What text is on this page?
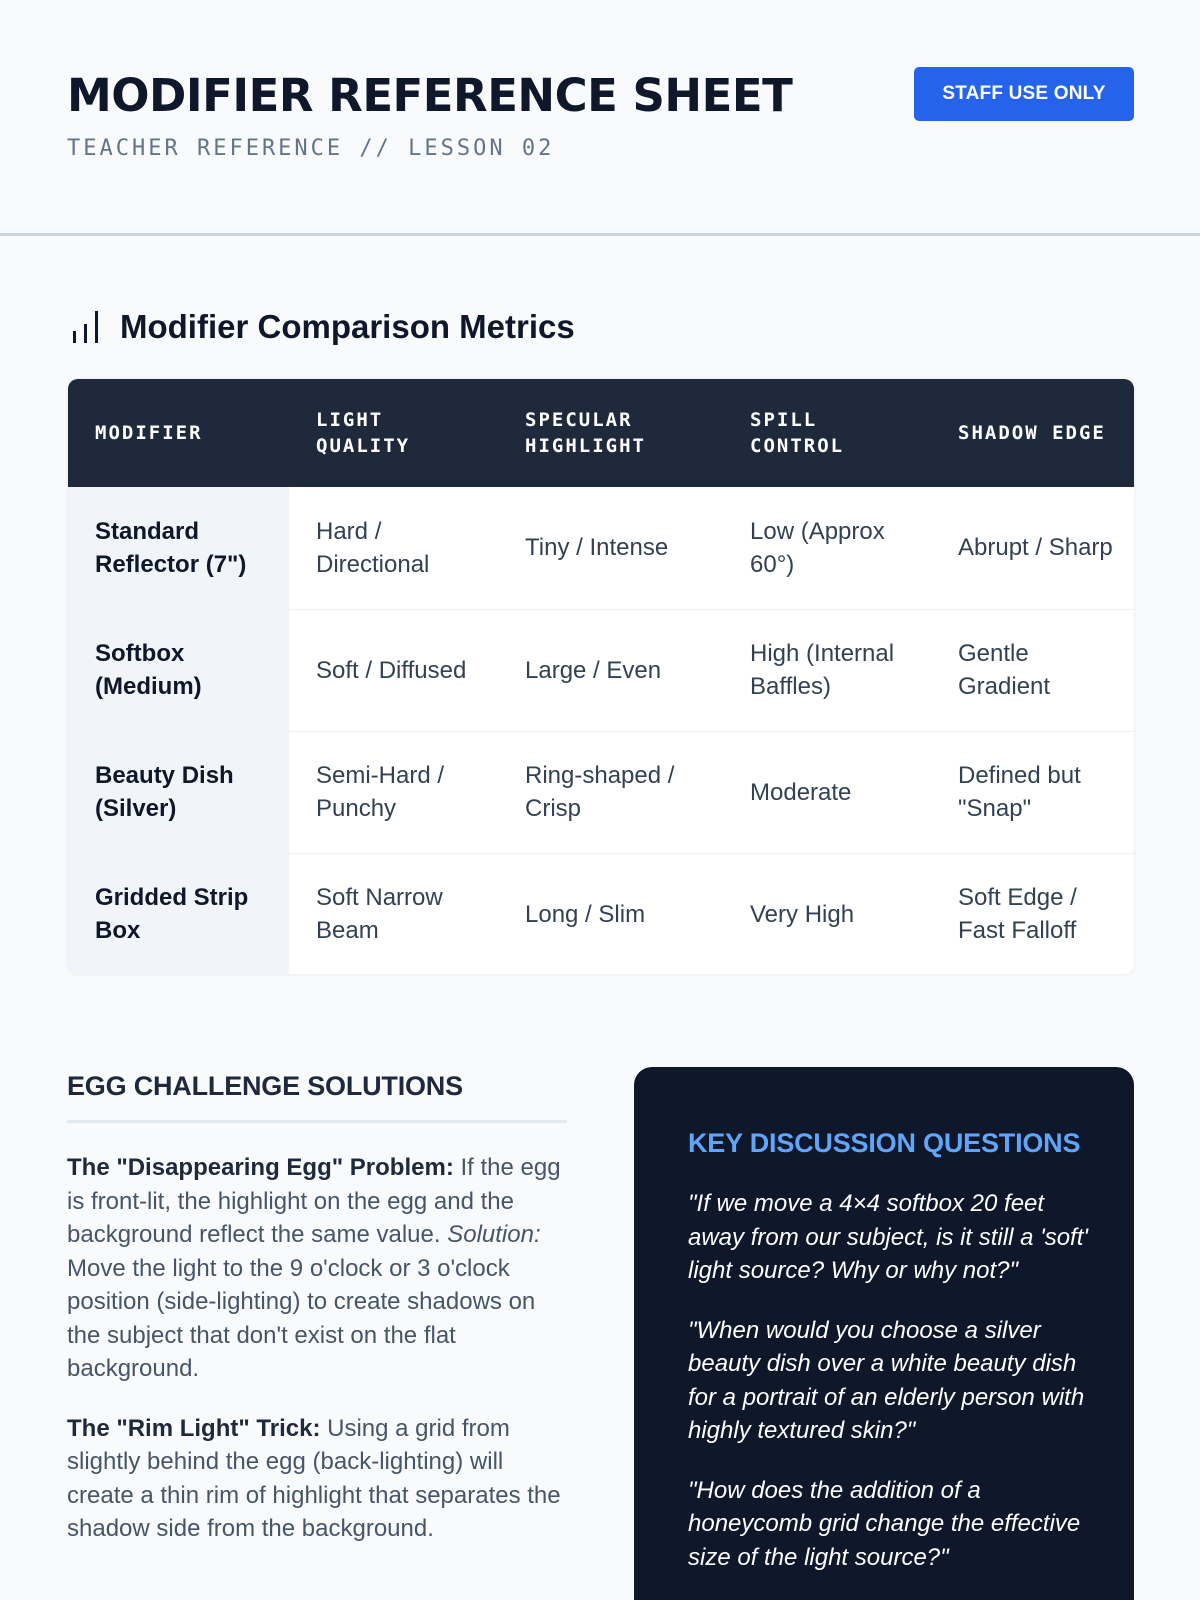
MODIFIER REFERENCE SHEET
TEACHER REFERENCE // LESSON 02
STAFF USE ONLY
Modifier Comparison Metrics
MODIFIER	LIGHT QUALITY	SPECULAR HIGHLIGHT	SPILL CONTROL	SHADOW EDGE
Standard Reflector (7")	Hard / Directional	Tiny / Intense	Low (Approx 60°)	Abrupt / Sharp
Softbox (Medium)	Soft / Diffused	Large / Even	High (Internal Baffles)	Gentle Gradient
Beauty Dish (Silver)	Semi-Hard / Punchy	Ring-shaped / Crisp	Moderate	Defined but "Snap"
Gridded Strip Box	Soft Narrow Beam	Long / Slim	Very High	Soft Edge / Fast Falloff
EGG CHALLENGE SOLUTIONS

The "Disappearing Egg" Problem: If the egg is front-lit, the highlight on the egg and the background reflect the same value. Solution: Move the light to the 9 o'clock or 3 o'clock position (side-lighting) to create shadows on the subject that don't exist on the flat background.

The "Rim Light" Trick: Using a grid from slightly behind the egg (back-lighting) will create a thin rim of highlight that separates the shadow side from the background.

KEY DISCUSSION QUESTIONS

"If we move a 4×4 softbox 20 feet away from our subject, is it still a 'soft' light source? Why or why not?"

"When would you choose a silver beauty dish over a white beauty dish for a portrait of an elderly person with highly textured skin?"

"How does the addition of a honeycomb grid change the effective size of the light source?"
